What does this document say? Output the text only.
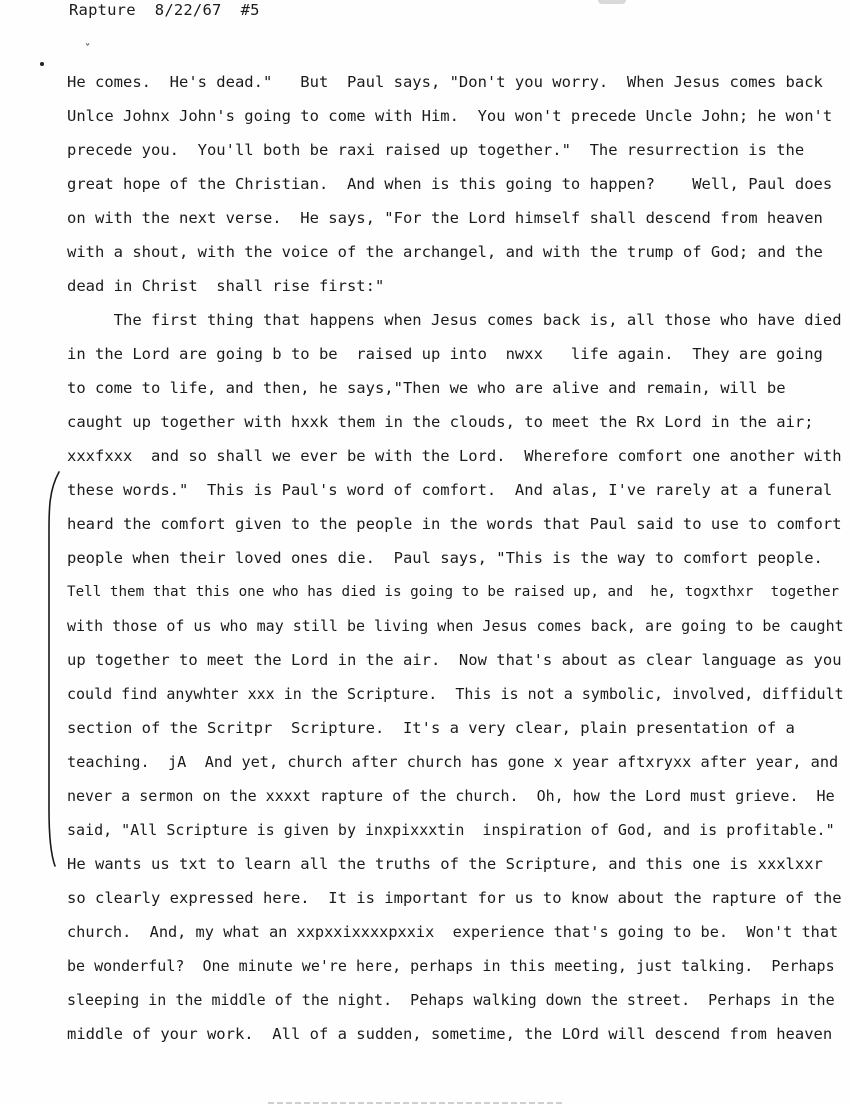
Rapture  8/22/67  #5
ˇ
He comes.  He's dead."   But  Paul says, "Don't you worry.  When Jesus comes back
Unlce Johnx John's going to come with Him.  You won't precede Uncle John; he won't
precede you.  You'll both be raxi raised up together."  The resurrection is the
great hope of the Christian.  And when is this going to happen?    Well, Paul does
on with the next verse.  He says, "For the Lord himself shall descend from heaven
with a shout, with the voice of the archangel, and with the trump of God; and the
dead in Christ  shall rise first:"
The first thing that happens when Jesus comes back is, all those who have died
in the Lord are going b to be  raised up into  nwxx   life again.  They are going
to come to life, and then, he says,"Then we who are alive and remain, will be
caught up together with hxxk them in the clouds, to meet the Rx Lord in the air;
xxxfxxx  and so shall we ever be with the Lord.  Wherefore comfort one another with
these words."  This is Paul's word of comfort.  And alas, I've rarely at a funeral
heard the comfort given to the people in the words that Paul said to use to comfort
people when their loved ones die.  Paul says, "This is the way to comfort people.
Tell them that this one who has died is going to be raised up, and  he, togxthxr  together
with those of us who may still be living when Jesus comes back, are going to be caught
up together to meet the Lord in the air.  Now that's about as clear language as you
could find anywhter xxx in the Scripture.  This is not a symbolic, involved, diffidult
section of the Scritpr  Scripture.  It's a very clear, plain presentation of a
teaching.  jA  And yet, church after church has gone x year aftxryxx after year, and
never a sermon on the xxxxt rapture of the church.  Oh, how the Lord must grieve.  He
said, "All Scripture is given by inxpixxxtin  inspiration of God, and is profitable."
He wants us txt to learn all the truths of the Scripture, and this one is xxxlxxr
so clearly expressed here.  It is important for us to know about the rapture of the
church.  And, my what an xxpxxixxxxpxxix  experience that's going to be.  Won't that
be wonderful?  One minute we're here, perhaps in this meeting, just talking.  Perhaps
sleeping in the middle of the night.  Pehaps walking down the street.  Perhaps in the
middle of your work.  All of a sudden, sometime, the LOrd will descend from heaven
